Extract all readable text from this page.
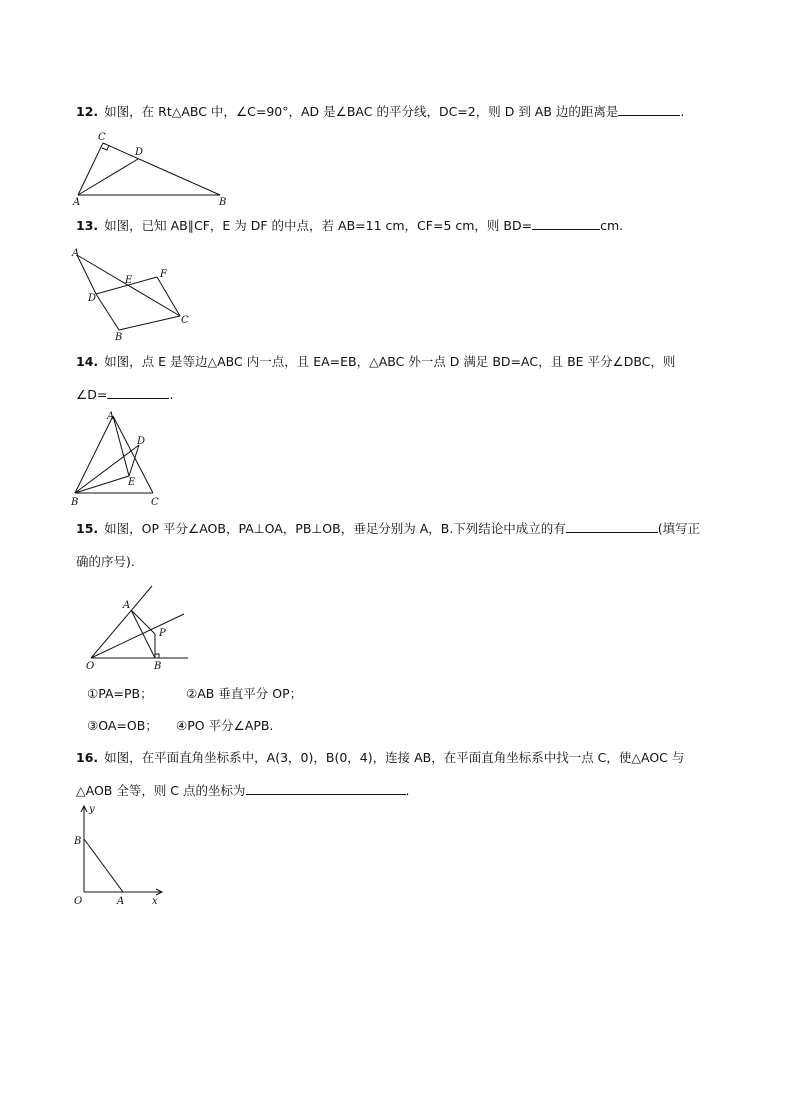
12. 如图，在 Rt△ABC 中，∠C=90°，AD 是∠BAC 的平分线，DC=2，则 D 到 AB 边的距离是	.
C
D
A	B
13. 如图，已知 AB∥CF，E 为 DF 的中点，若 AB=11 cm，CF=5 cm，则 BD=	cm.
A
E
F
D
C
B
14. 如图，点 E 是等边△ABC 内一点，且 EA=EB，△ABC 外一点 D 满足 BD=AC，且 BE 平分∠DBC，则
∠D=	.
A
D
E
B	C
15. 如图，OP 平分∠AOB，PA⊥OA，PB⊥OB，垂足分别为 A，B.下列结论中成立的有	(填写正
确的序号).
A
P
O	B
①PA=PB；	②AB 垂直平分 OP；
③OA=OB； ④PO 平分∠APB.
16. 如图，在平面直角坐标系中，A(3，0)，B(0，4)，连接 AB，在平面直角坐标系中找一点 C，使△AOC 与
△AOB 全等，则 C 点的坐标为	.
y
B
O	A	x
